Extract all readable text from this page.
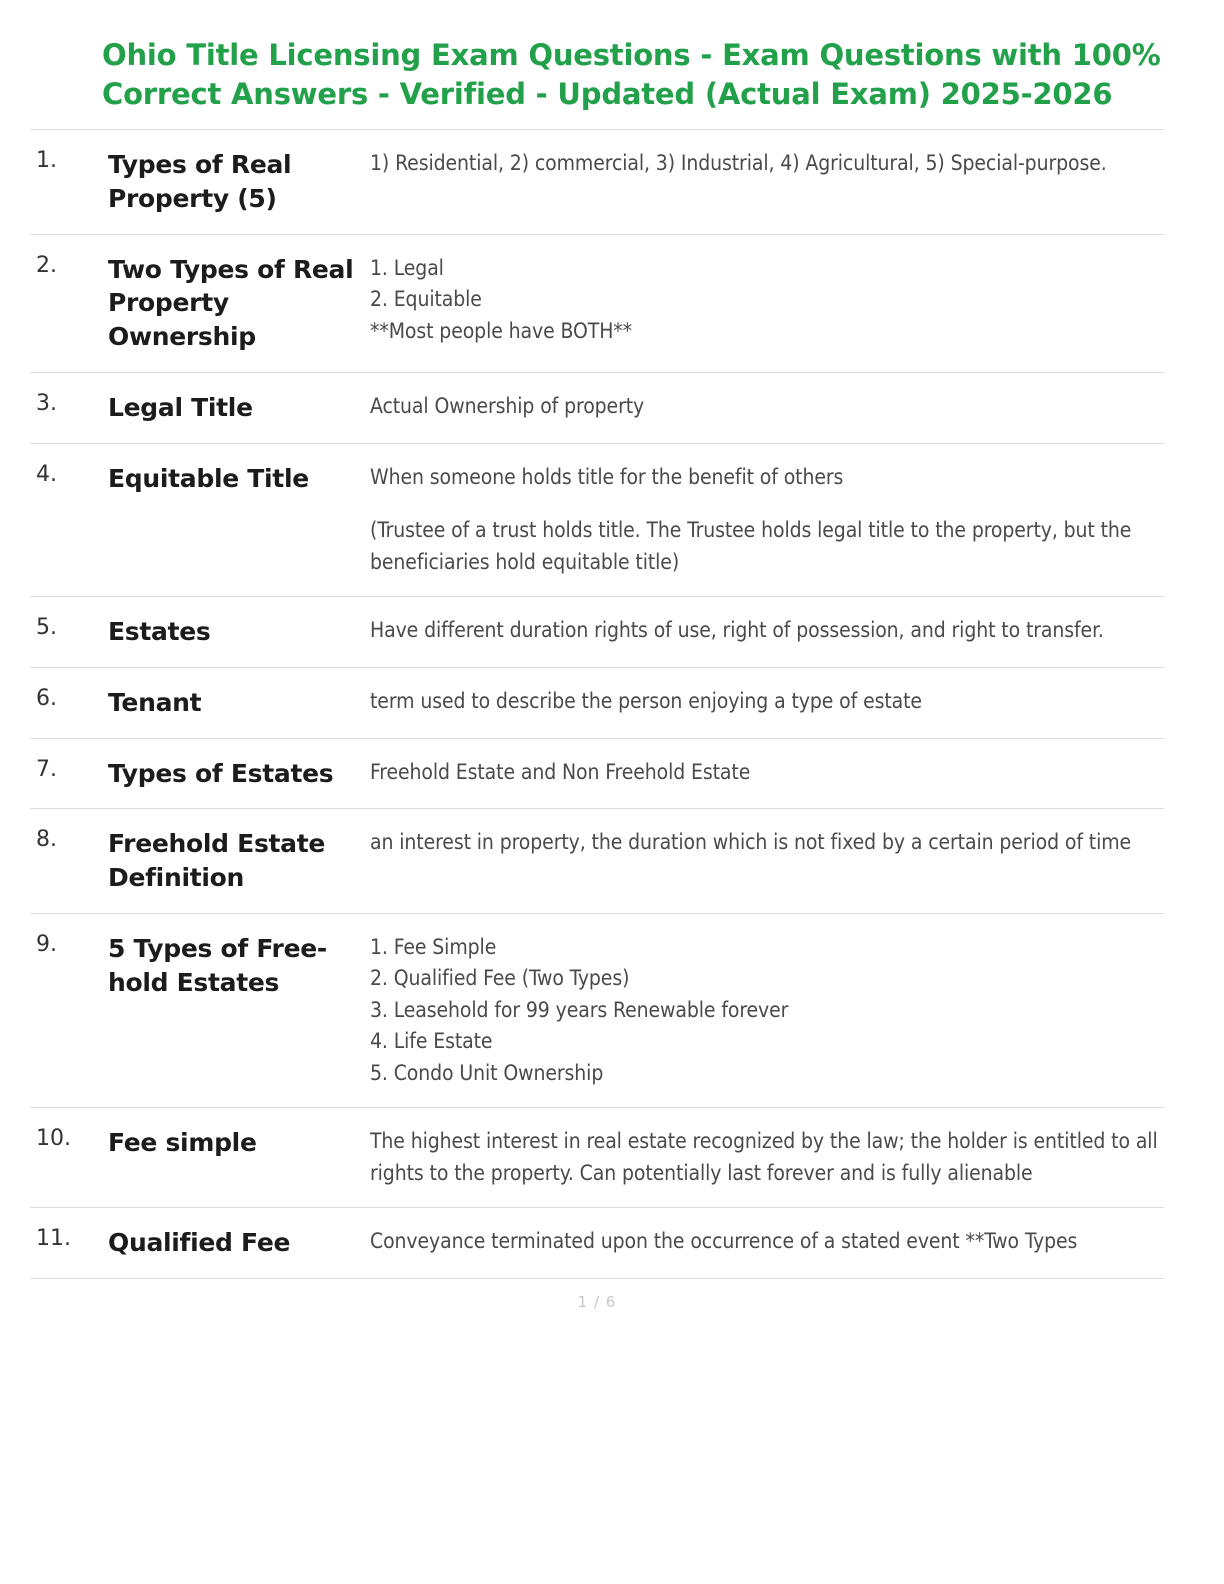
Ohio Title Licensing Exam Questions - Exam Questions with 100% Correct Answers - Verified - Updated (Actual Exam) 2025-2026
1.	Types of Real Property (5)	1) Residential, 2) commercial, 3) Industrial, 4) Agricultural, 5) Special-purpose.

2.	Two Types of Real Property Ownership	1. Legal
2. Equitable
**Most people have BOTH**

3.	Legal Title	Actual Ownership of property

4.	Equitable Title	When someone holds title for the benefit of others
(Trustee of a trust holds title. The Trustee holds legal title to the property, but the beneficiaries hold equitable title)

5.	Estates	Have different duration rights of use, right of possession, and right to transfer.

6.	Tenant	term used to describe the person enjoying a type of estate

7.	Types of Estates	Freehold Estate and Non Freehold Estate

8.	Freehold Estate Definition	an interest in property, the duration which is not fixed by a certain period of time

9.	5 Types of Free-hold Estates	1. Fee Simple
2. Qualified Fee (Two Types)
3. Leasehold for 99 years Renewable forever
4. Life Estate
5. Condo Unit Ownership

10.	Fee simple	The highest interest in real estate recognized by the law; the holder is entitled to all rights to the property. Can potentially last forever and is fully alienable

11.	Qualified Fee	Conveyance terminated upon the occurrence of a stated event **Two Types
1 / 6
